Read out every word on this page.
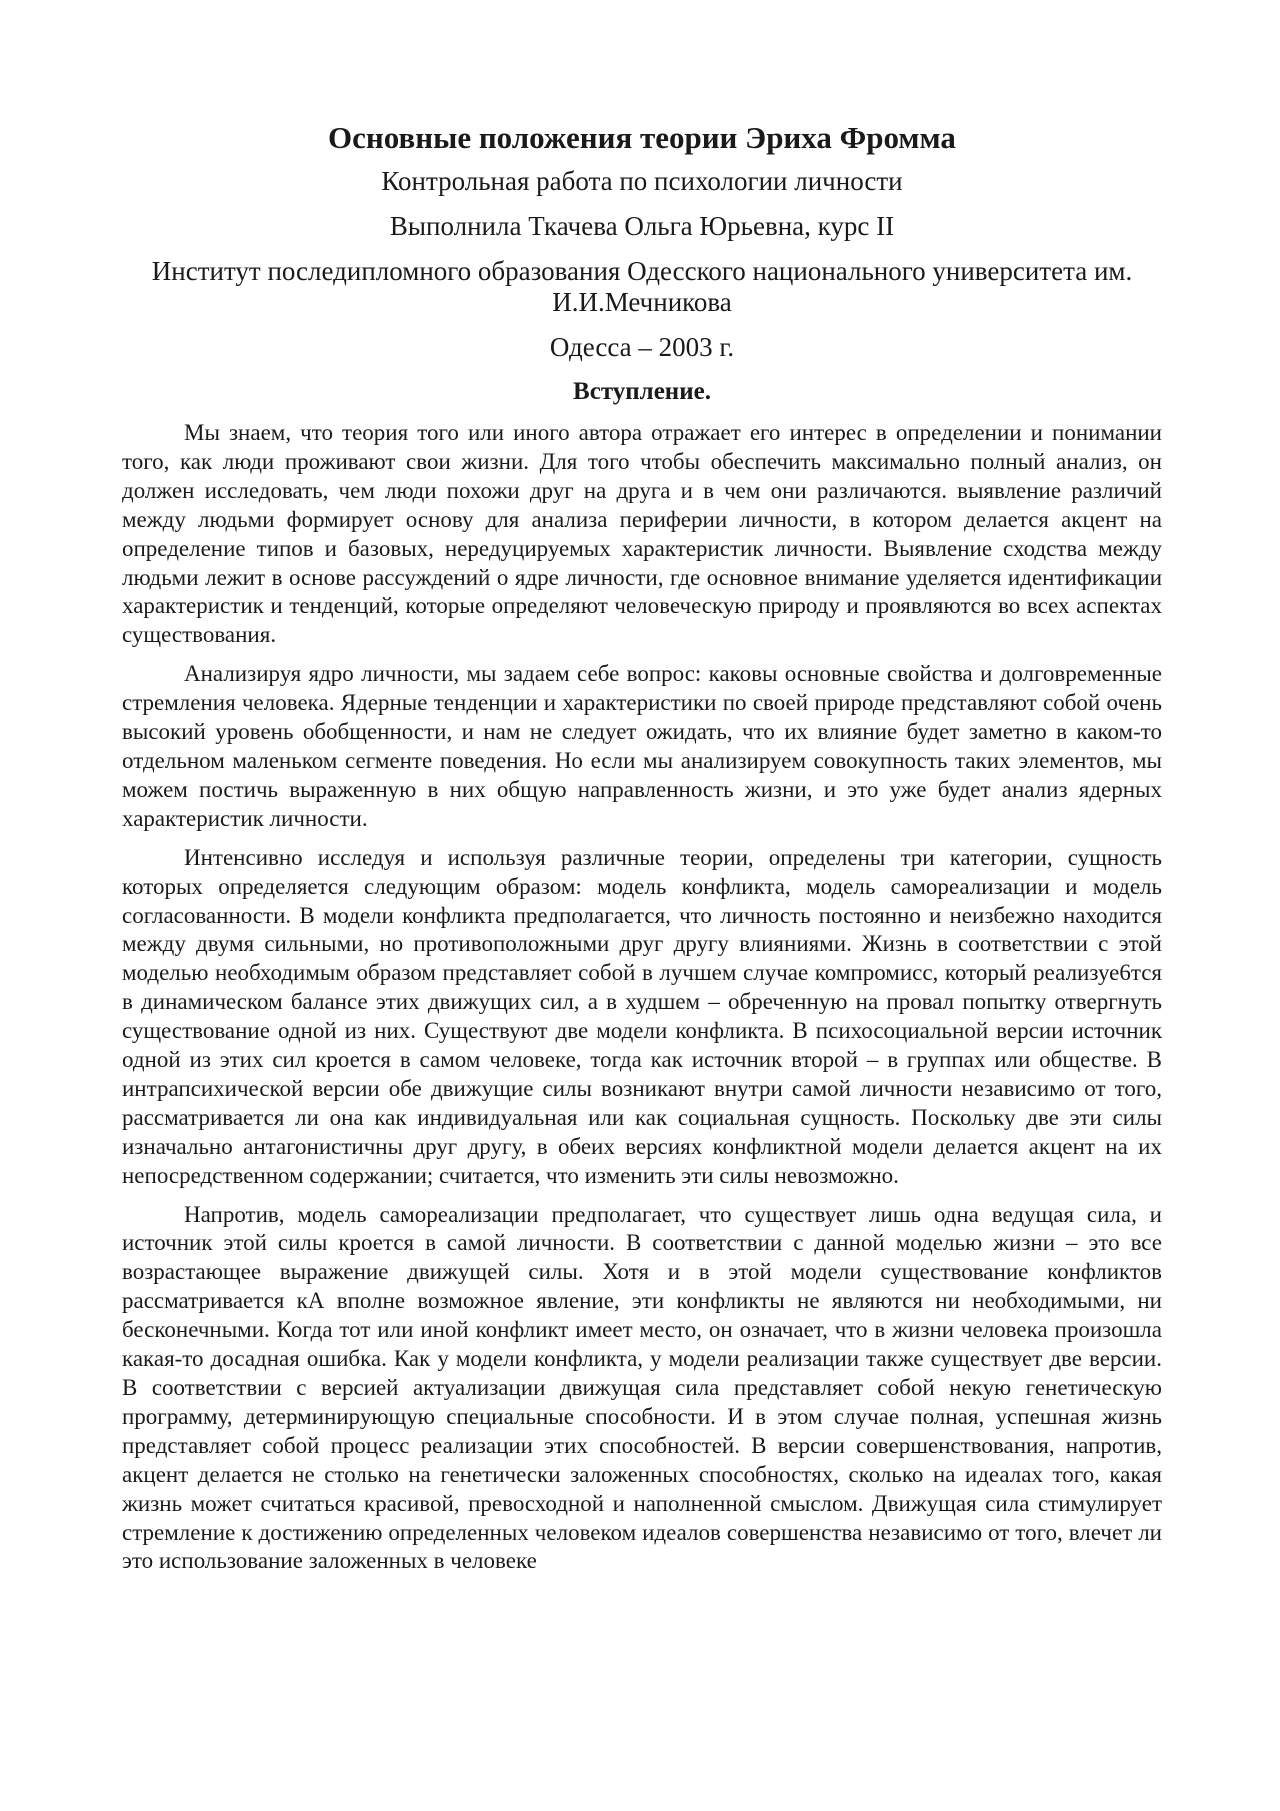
Основные положения теории Эриха Фромма
Контрольная работа по психологии личности
Выполнила Ткачева Ольга Юрьевна, курс II
Институт последипломного образования Одесского национального университета им. И.И.Мечникова
Одесса – 2003 г.
Вступление.

Мы знаем, что теория того или иного автора отражает его интерес в определении и понимании того, как люди проживают свои жизни. Для того чтобы обеспечить максимально полный анализ, он должен исследовать, чем люди похожи друг на друга и в чем они различаются. выявление различий между людьми формирует основу для анализа периферии личности, в котором делается акцент на определение типов и базовых, нередуцируемых характеристик личности. Выявление сходства между людьми лежит в основе рассуждений о ядре личности, где основное внимание уделяется идентификации характеристик и тенденций, которые определяют человеческую природу и проявляются во всех аспектах существования.

Анализируя ядро личности, мы задаем себе вопрос: каковы основные свойства и долговременные стремления человека. Ядерные тенденции и характеристики по своей природе представляют собой очень высокий уровень обобщенности, и нам не следует ожидать, что их влияние будет заметно в каком-то отдельном маленьком сегменте поведения. Но если мы анализируем совокупность таких элементов, мы можем постичь выраженную в них общую направленность жизни, и это уже будет анализ ядерных характеристик личности.

Интенсивно исследуя и используя различные теории, определены три категории, сущность которых определяется следующим образом: модель конфликта, модель самореализации и модель согласованности. В модели конфликта предполагается, что личность постоянно и неизбежно находится между двумя сильными, но противоположными друг другу влияниями. Жизнь в соответствии с этой моделью необходимым образом представляет собой в лучшем случае компромисс, который реализуе6тся в динамическом балансе этих движущих сил, а в худшем – обреченную на провал попытку отвергнуть существование одной из них. Существуют две модели конфликта. В психосоциальной версии источник одной из этих сил кроется в самом человеке, тогда как источник второй – в группах или обществе. В интрапсихической версии обе движущие силы возникают внутри самой личности независимо от того, рассматривается ли она как индивидуальная или как социальная сущность. Поскольку две эти силы изначально антагонистичны друг другу, в обеих версиях конфликтной модели делается акцент на их непосредственном содержании; считается, что изменить эти силы невозможно.

Напротив, модель самореализации предполагает, что существует лишь одна ведущая сила, и источник этой силы кроется в самой личности. В соответствии с данной моделью жизни – это все возрастающее выражение движущей силы. Хотя и в этой модели существование конфликтов рассматривается кА вполне возможное явление, эти конфликты не являются ни необходимыми, ни бесконечными. Когда тот или иной конфликт имеет место, он означает, что в жизни человека произошла какая-то досадная ошибка. Как у модели конфликта, у модели реализации также существует две версии. В соответствии с версией актуализации движущая сила представляет собой некую генетическую программу, детерминирующую специальные способности. И в этом случае полная, успешная жизнь представляет собой процесс реализации этих способностей. В версии совершенствования, напротив, акцент делается не столько на генетически заложенных способностях, сколько на идеалах того, какая жизнь может считаться красивой, превосходной и наполненной смыслом. Движущая сила стимулирует стремление к достижению определенных человеком идеалов совершенства независимо от того, влечет ли это использование заложенных в человеке
